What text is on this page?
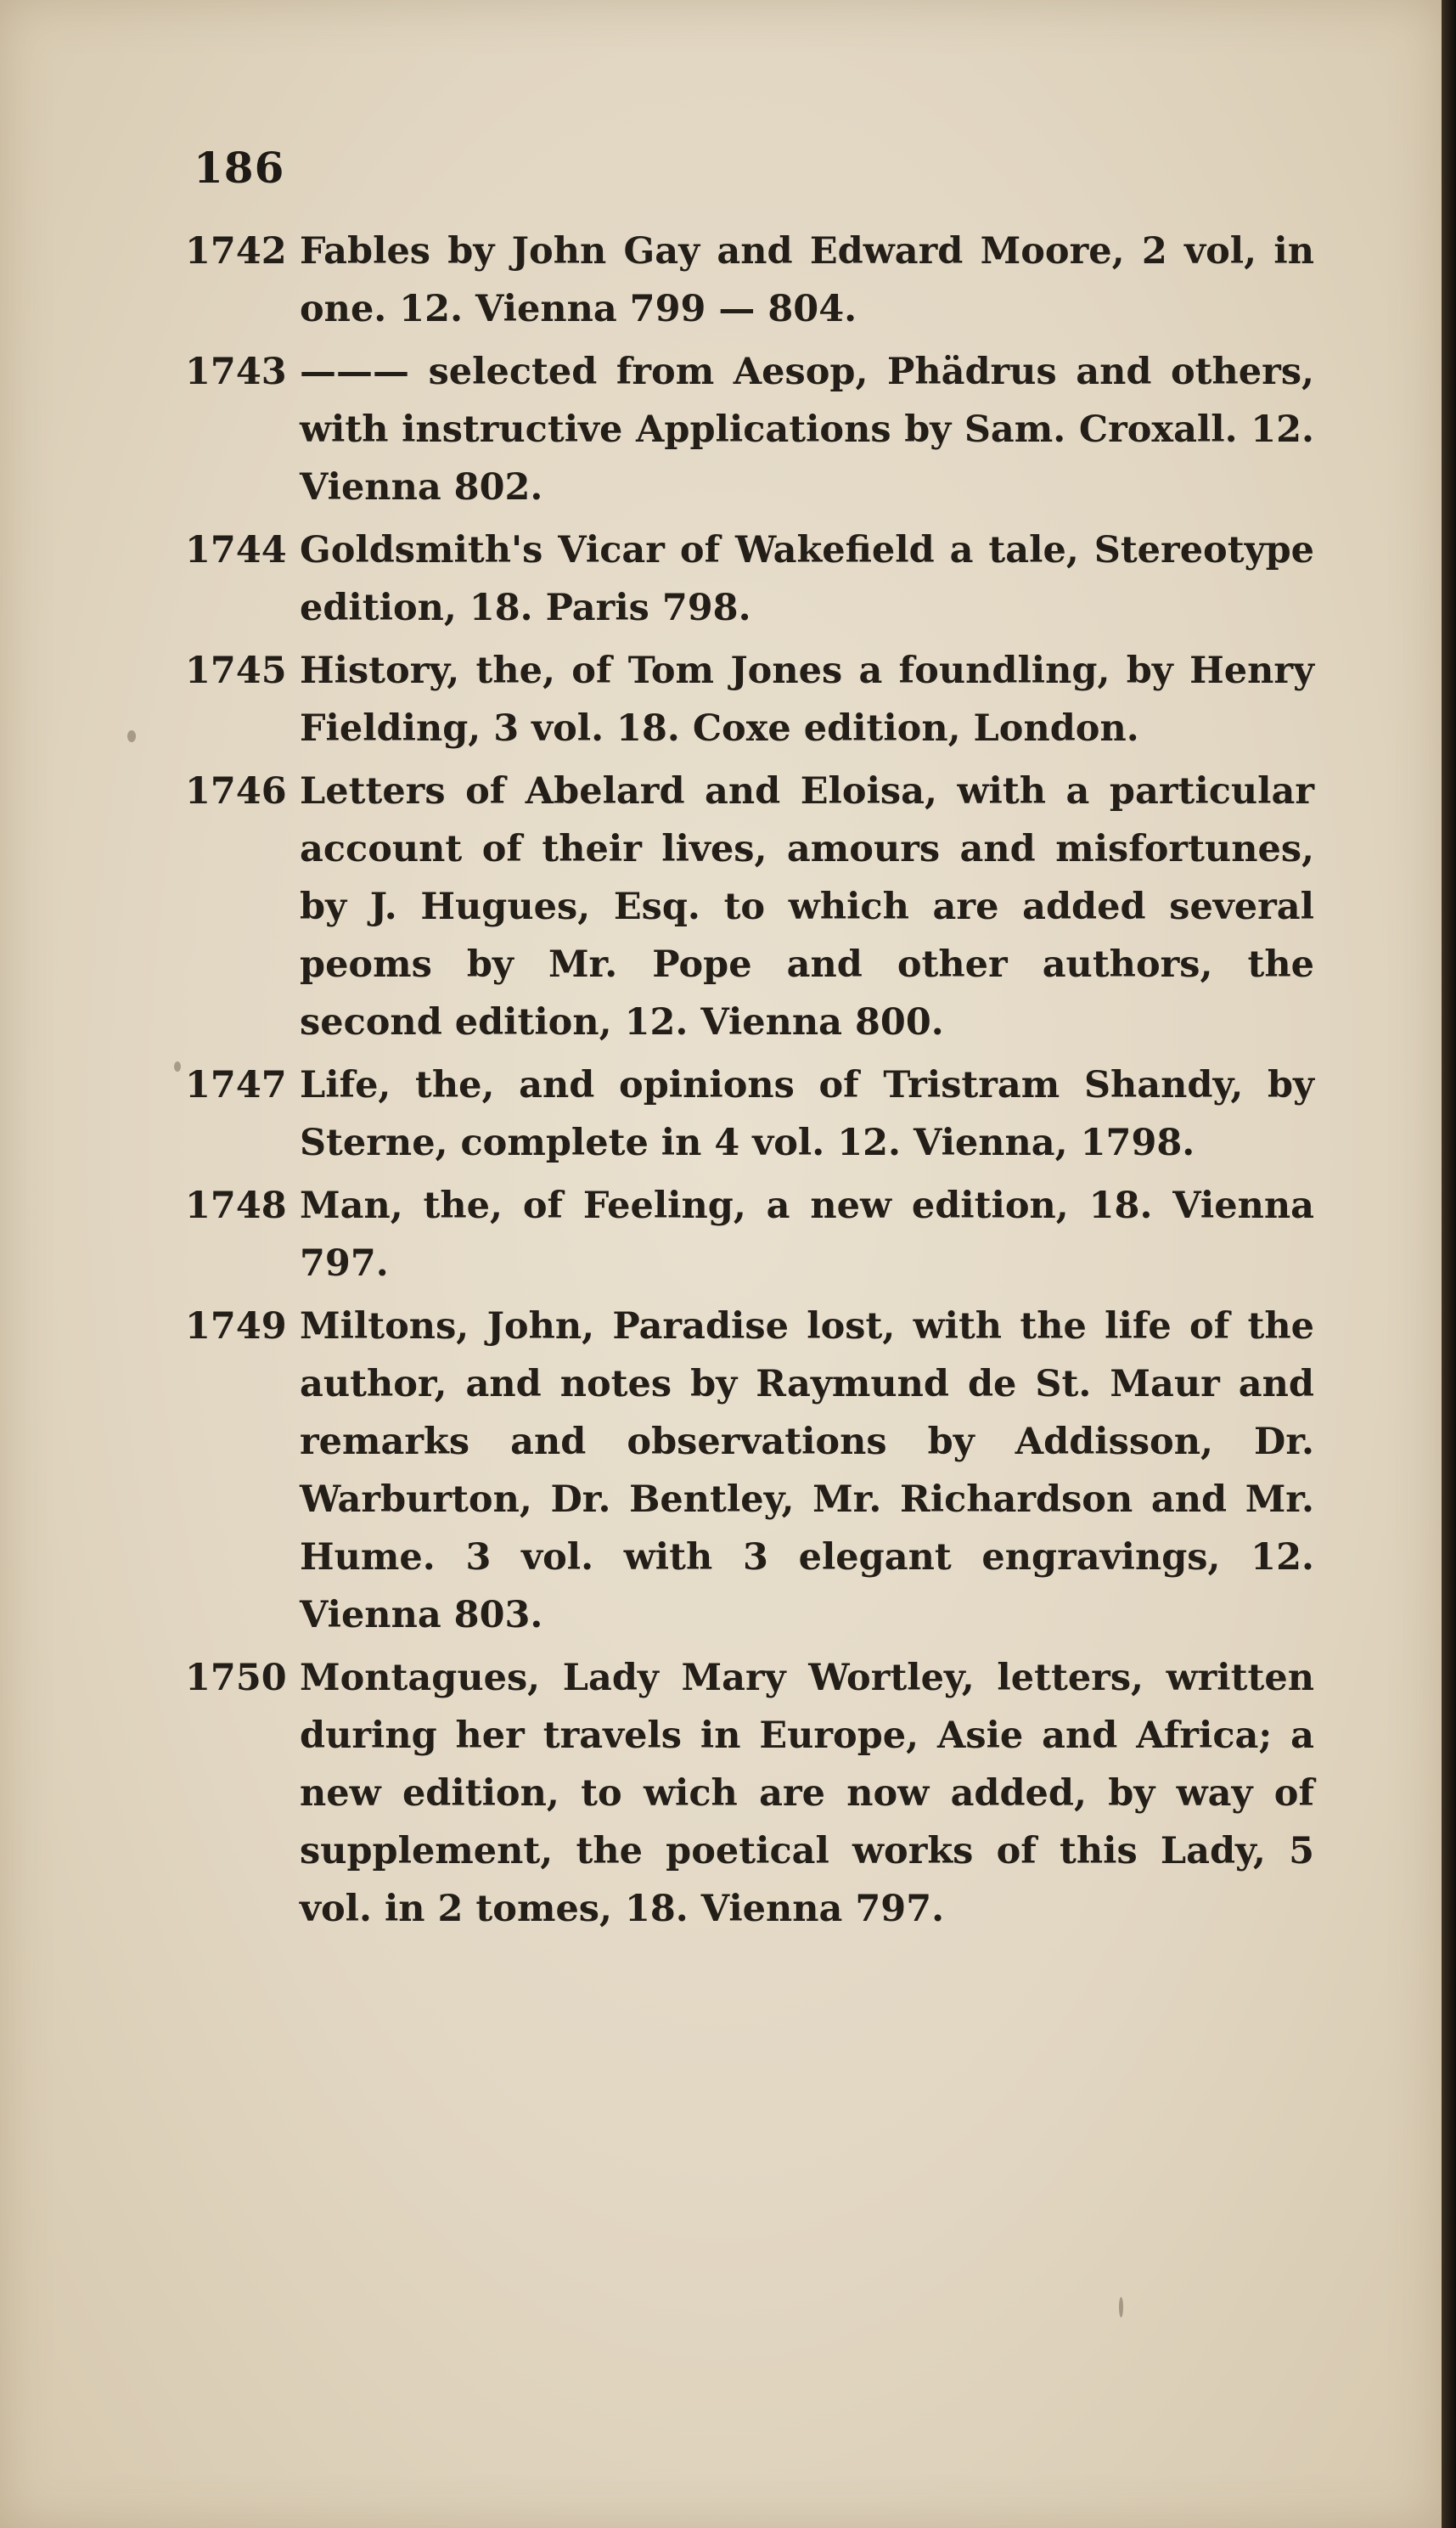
186
1742 Fables by John Gay and Edward Moore, 2 vol, in one. 12. Vienna 799 — 804.
1743 ——— selected from Aesop, Phädrus and others, with instructive Applications by Sam. Croxall. 12. Vienna 802.
1744 Goldsmith's Vicar of Wakefield a tale, Stereotype edition, 18. Paris 798.
1745 History, the, of Tom Jones a foundling, by Henry Fielding, 3 vol. 18. Coxe edition, London.
1746 Letters of Abelard and Eloisa, with a particular account of their lives, amours and misfortunes, by J. Hugues, Esq. to which are added several peoms by Mr. Pope and other authors, the second edition, 12. Vienna 800.
1747 Life, the, and opinions of Tristram Shandy, by Sterne, complete in 4 vol. 12. Vienna, 1798.
1748 Man, the, of Feeling, a new edition, 18. Vienna 797.
1749 Miltons, John, Paradise lost, with the life of the author, and notes by Raymund de St. Maur and remarks and observations by Addisson, Dr. Warburton, Dr. Bentley, Mr. Richardson and Mr. Hume. 3 vol. with 3 elegant engravings, 12. Vienna 803.
1750 Montagues, Lady Mary Wortley, letters, written during her travels in Europe, Asie and Africa; a new edition, to wich are now added, by way of supplement, the poetical works of this Lady, 5 vol. in 2 tomes, 18. Vienna 797.
